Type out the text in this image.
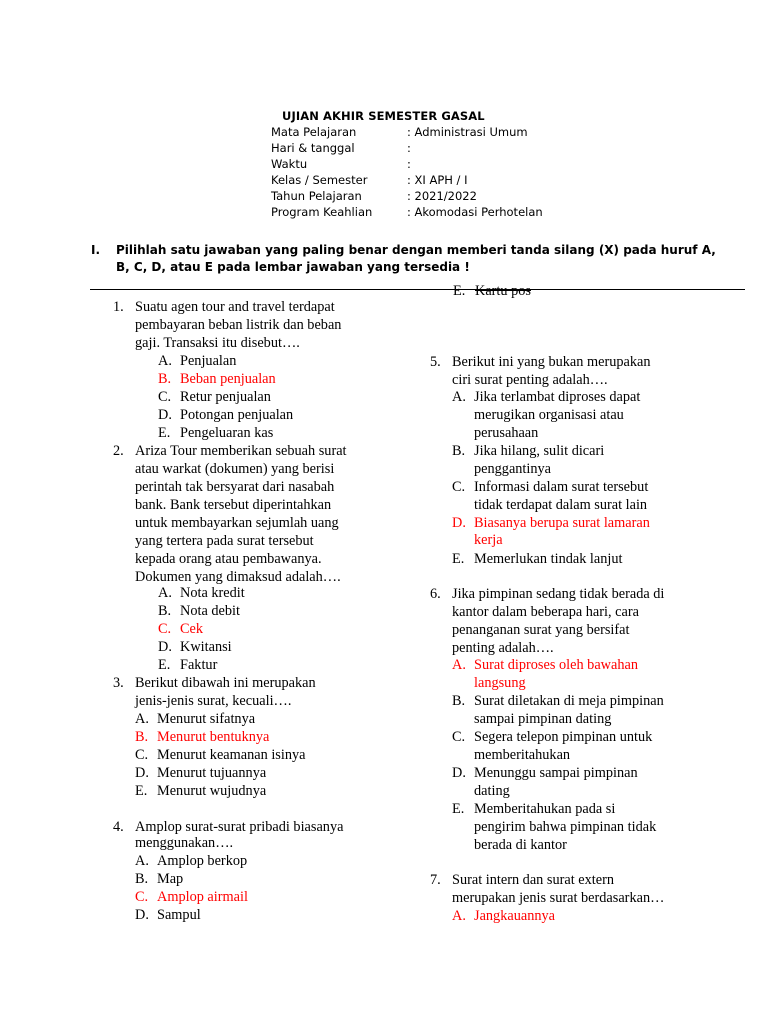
UJIAN AKHIR SEMESTER GASAL
Mata Pelajaran	: Administrasi Umum
Hari & tanggal	:
Waktu	:
Kelas / Semester	: XI APH / I
Tahun Pelajaran	: 2021/2022
Program Keahlian	: Akomodasi Perhotelan
I. Pilihlah satu jawaban yang paling benar dengan memberi tanda silang (X) pada huruf A,
B, C, D, atau E pada lembar jawaban yang tersedia !
E. Kartu pos
1. Suatu agen tour and travel terdapat
pembayaran beban listrik dan beban
gaji. Transaksi itu disebut….
A. Penjualan
B. Beban penjualan
C. Retur penjualan
D. Potongan penjualan
E. Pengeluaran kas
2. Ariza Tour memberikan sebuah surat
atau warkat (dokumen) yang berisi
perintah tak bersyarat dari nasabah
bank. Bank tersebut diperintahkan
untuk membayarkan sejumlah uang
yang tertera pada surat tersebut
kepada orang atau pembawanya.
Dokumen yang dimaksud adalah….
A. Nota kredit
B. Nota debit
C. Cek
D. Kwitansi
E. Faktur
3. Berikut dibawah ini merupakan
jenis-jenis surat, kecuali….
A. Menurut sifatnya
B. Menurut bentuknya
C. Menurut keamanan isinya
D. Menurut tujuannya
E. Menurut wujudnya
4. Amplop surat-surat pribadi biasanya
menggunakan….
A. Amplop berkop
B. Map
C. Amplop airmail
D. Sampul
5. Berikut ini yang bukan merupakan
ciri surat penting adalah….
A. Jika terlambat diproses dapat
merugikan organisasi atau
perusahaan
B. Jika hilang, sulit dicari
penggantinya
C. Informasi dalam surat tersebut
tidak terdapat dalam surat lain
D. Biasanya berupa surat lamaran
kerja
E. Memerlukan tindak lanjut
6. Jika pimpinan sedang tidak berada di
kantor dalam beberapa hari, cara
penanganan surat yang bersifat
penting adalah….
A. Surat diproses oleh bawahan
langsung
B. Surat diletakan di meja pimpinan
sampai pimpinan dating
C. Segera telepon pimpinan untuk
memberitahukan
D. Menunggu sampai pimpinan
dating
E. Memberitahukan pada si
pengirim bahwa pimpinan tidak
berada di kantor
7. Surat intern dan surat extern
merupakan jenis surat berdasarkan…
A. Jangkauannya
